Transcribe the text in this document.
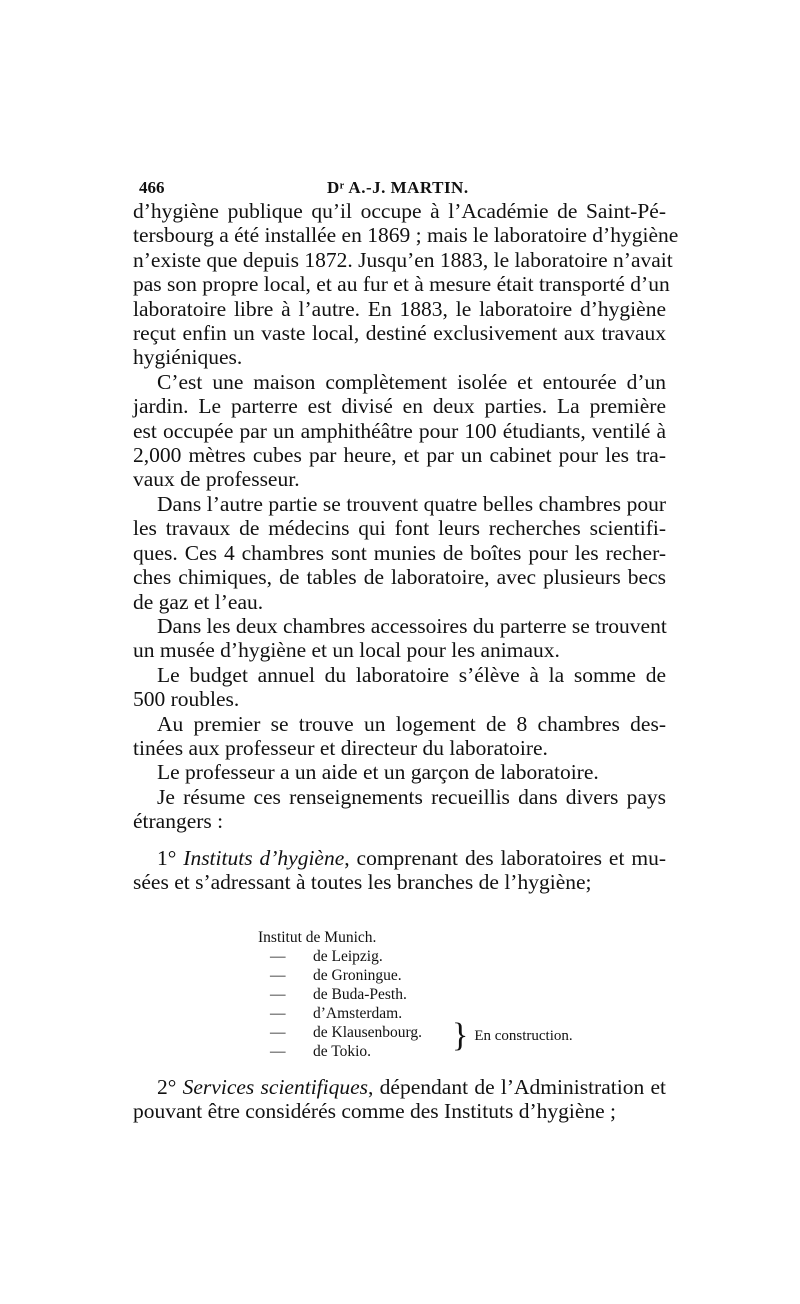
466	Dʳ A.-J. MARTIN.
d’hygiène publique qu’il occupe à l’Académie de Saint-Pé-
tersbourg a été installée en 1869 ; mais le laboratoire d’hygiène
n’existe que depuis 1872. Jusqu’en 1883, le laboratoire n’avait
pas son propre local, et au fur et à mesure était transporté d’un
laboratoire libre à l’autre. En 1883, le laboratoire d’hygiène
reçut enfin un vaste local, destiné exclusivement aux travaux
hygiéniques.
C’est une maison complètement isolée et entourée d’un
jardin. Le parterre est divisé en deux parties. La première
est occupée par un amphithéâtre pour 100 étudiants, ventilé à
2,000 mètres cubes par heure, et par un cabinet pour les tra-
vaux de professeur.
Dans l’autre partie se trouvent quatre belles chambres pour
les travaux de médecins qui font leurs recherches scientifi-
ques. Ces 4 chambres sont munies de boîtes pour les recher-
ches chimiques, de tables de laboratoire, avec plusieurs becs
de gaz et l’eau.
Dans les deux chambres accessoires du parterre se trouvent
un musée d’hygiène et un local pour les animaux.
Le budget annuel du laboratoire s’élève à la somme de
500 roubles.
Au premier se trouve un logement de 8 chambres des-
tinées aux professeur et directeur du laboratoire.
Le professeur a un aide et un garçon de laboratoire.
Je résume ces renseignements recueillis dans divers pays
étrangers :
1° Instituts d’hygiène, comprenant des laboratoires et mu-
sées et s’adressant à toutes les branches de l’hygiène;
Institut de Munich.
— de Leipzig.
— de Groningue.
— de Buda-Pesth.
— d’Amsterdam.
— de Klausenbourg.
— de Tokio.	} En construction.
2° Services scientifiques, dépendant de l’Administration et
pouvant être considérés comme des Instituts d’hygiène ;
